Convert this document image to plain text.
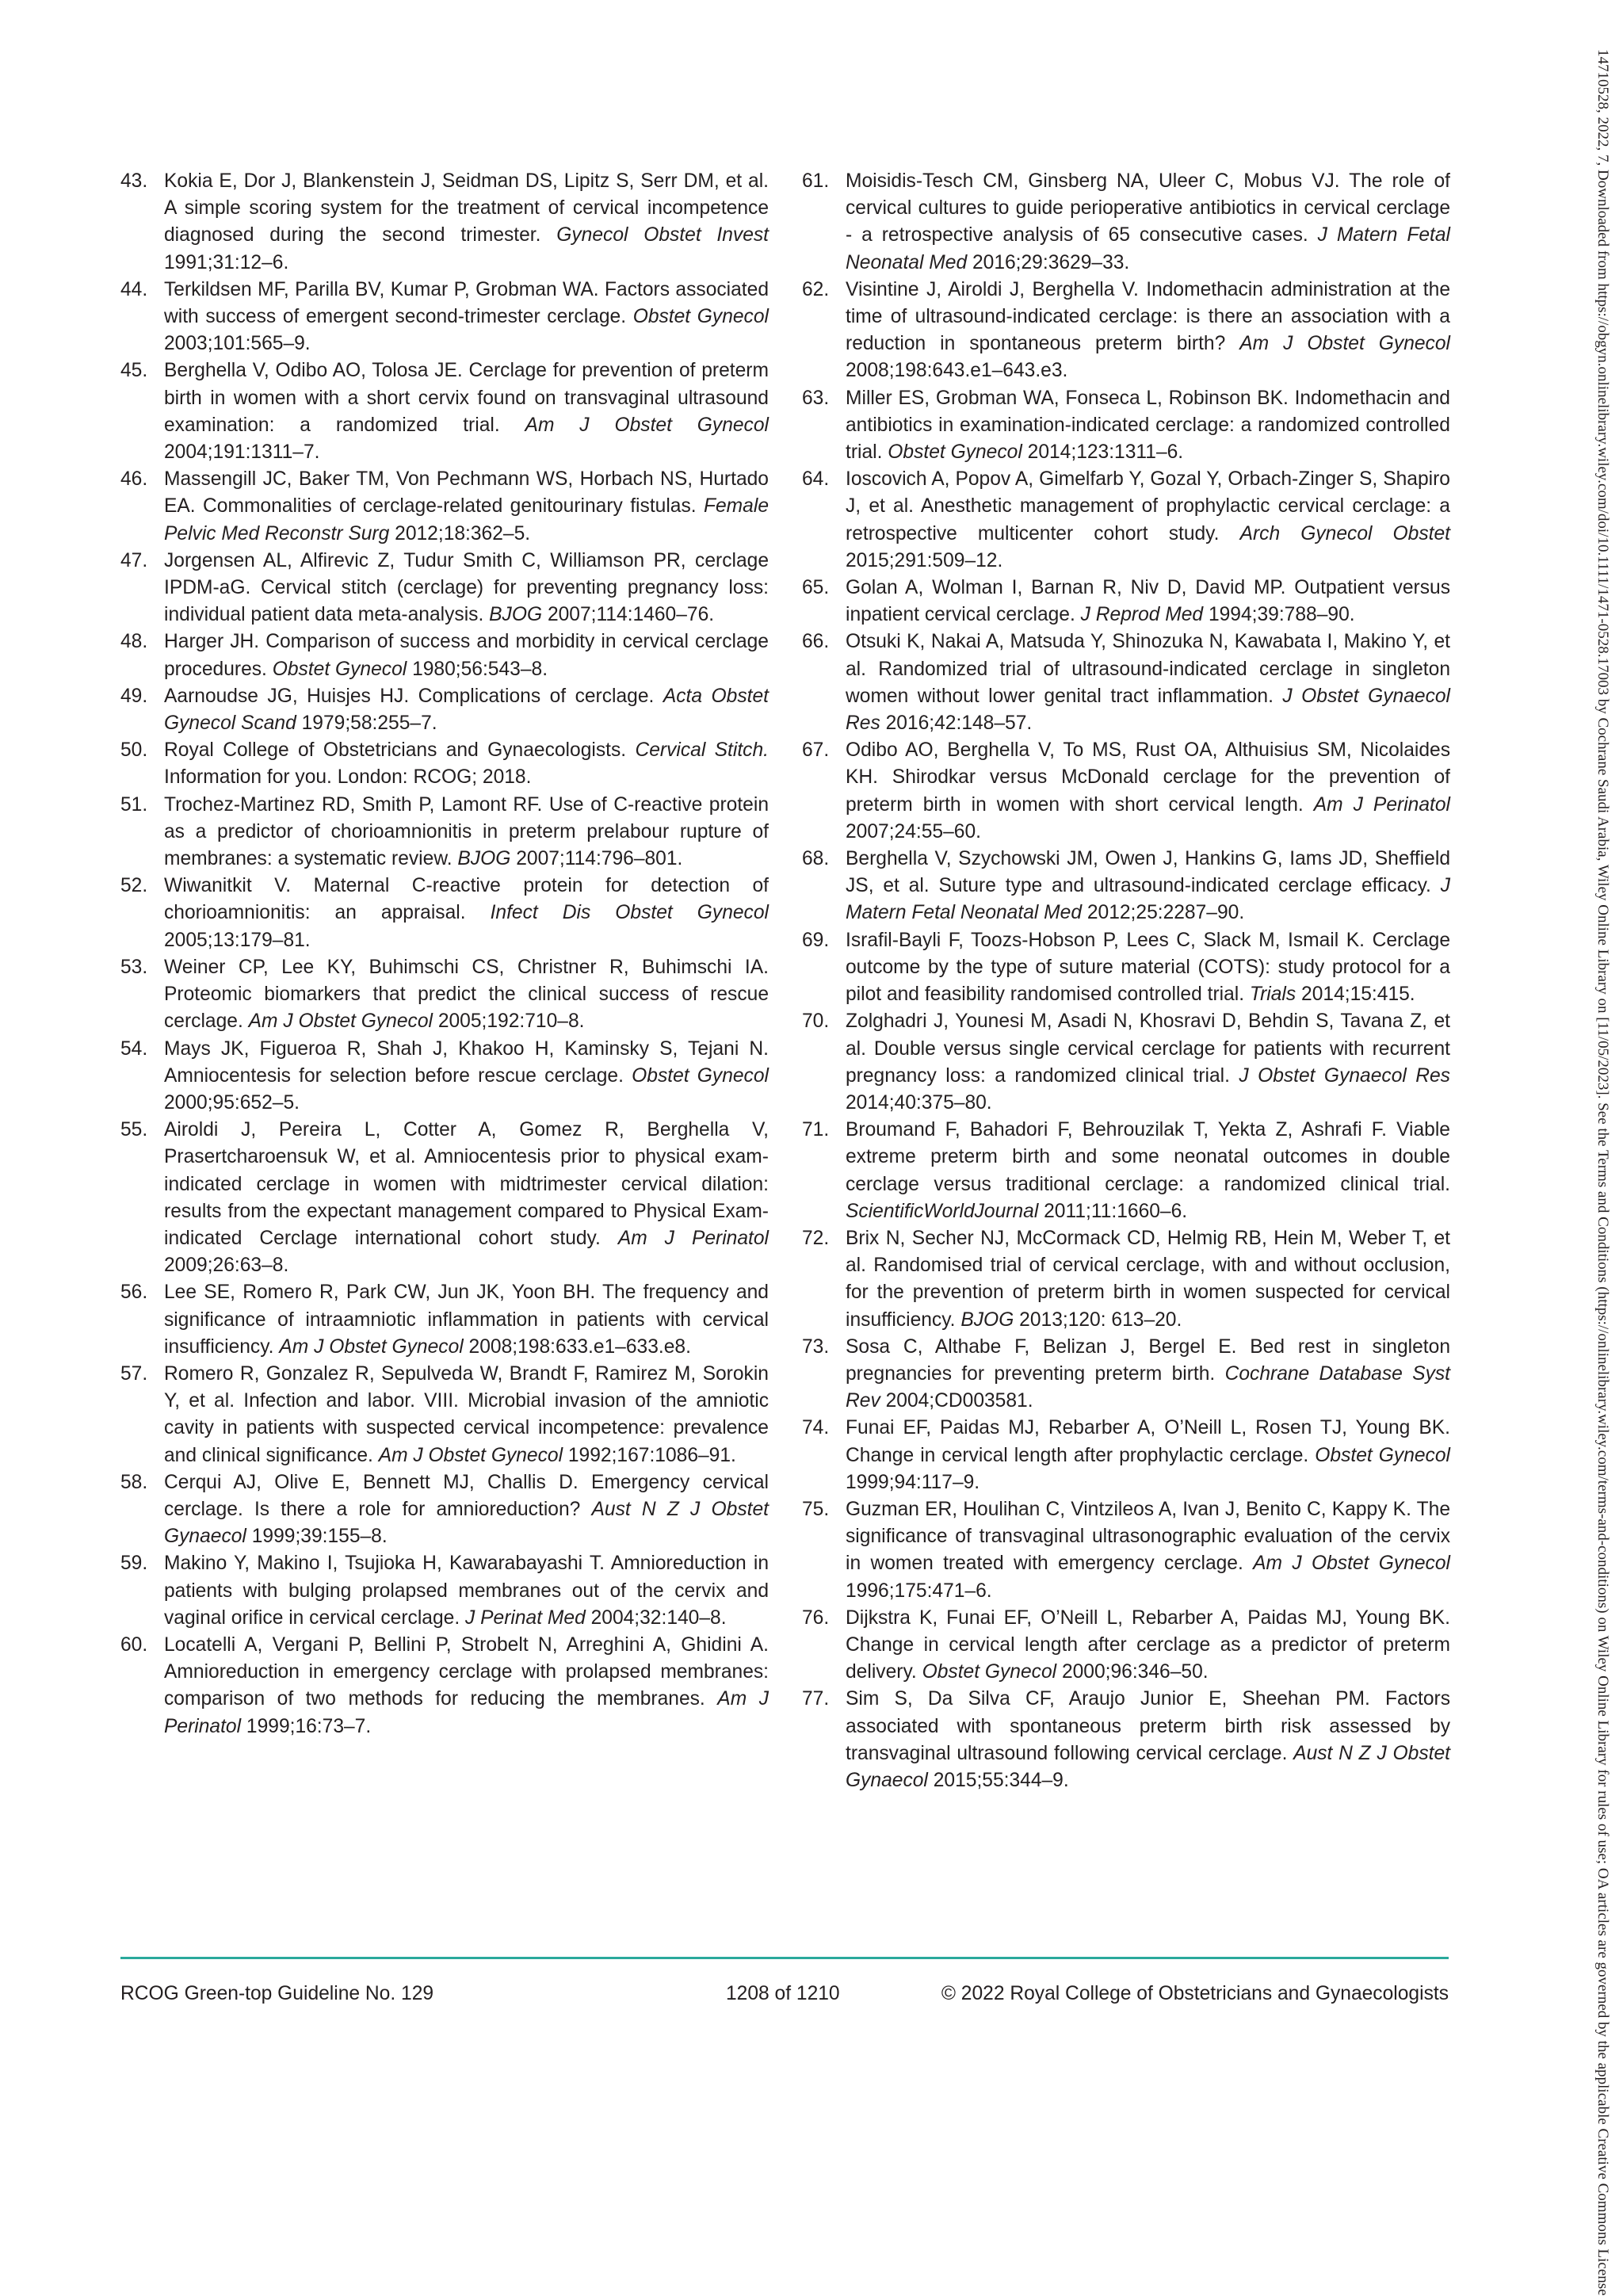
14710528, 2022, 7, Downloaded from https://obgyn.onlinelibrary.wiley.com/doi/10.1111/1471-0528.17003 by Cochrane Saudi Arabia, Wiley Online Library on [11/05/2023]. See the Terms and Conditions (https://onlinelibrary.wiley.com/terms-and-conditions) on Wiley Online Library for rules of use; OA articles are governed by the applicable Creative Commons License

43. Kokia E, Dor J, Blankenstein J, Seidman DS, Lipitz S, Serr DM, et al. A simple scoring system for the treatment of cervical incompetence diagnosed during the second trimester. Gynecol Obstet Invest 1991;31:12–6.

44. Terkildsen MF, Parilla BV, Kumar P, Grobman WA. Factors associated with success of emergent second-trimester cerclage. Obstet Gynecol 2003;101:565–9.

45. Berghella V, Odibo AO, Tolosa JE. Cerclage for prevention of preterm birth in women with a short cervix found on transvaginal ultrasound examination: a randomized trial. Am J Obstet Gynecol 2004;191:1311–7.

46. Massengill JC, Baker TM, Von Pechmann WS, Horbach NS, Hurtado EA. Commonalities of cerclage-related genitourinary fistulas. Female Pelvic Med Reconstr Surg 2012;18:362–5.

47. Jorgensen AL, Alfirevic Z, Tudur Smith C, Williamson PR, cerclage IPDM-aG. Cervical stitch (cerclage) for preventing pregnancy loss: individual patient data meta-analysis. BJOG 2007;114:1460–76.

48. Harger JH. Comparison of success and morbidity in cervical cerclage procedures. Obstet Gynecol 1980;56:543–8.

49. Aarnoudse JG, Huisjes HJ. Complications of cerclage. Acta Obstet Gynecol Scand 1979;58:255–7.

50. Royal College of Obstetricians and Gynaecologists. Cervical Stitch. Information for you. London: RCOG; 2018.

51. Trochez-Martinez RD, Smith P, Lamont RF. Use of C-reactive protein as a predictor of chorioamnionitis in preterm prelabour rupture of membranes: a systematic review. BJOG 2007;114:796–801.

52. Wiwanitkit V. Maternal C-reactive protein for detection of chorioamnionitis: an appraisal. Infect Dis Obstet Gynecol 2005;13:179–81.

53. Weiner CP, Lee KY, Buhimschi CS, Christner R, Buhimschi IA. Proteomic biomarkers that predict the clinical success of rescue cerclage. Am J Obstet Gynecol 2005;192:710–8.

54. Mays JK, Figueroa R, Shah J, Khakoo H, Kaminsky S, Tejani N. Amniocentesis for selection before rescue cerclage. Obstet Gynecol 2000;95:652–5.

55. Airoldi J, Pereira L, Cotter A, Gomez R, Berghella V, Prasertcharoensuk W, et al. Amniocentesis prior to physical exam-indicated cerclage in women with midtrimester cervical dilation: results from the expectant management compared to Physical Exam-indicated Cerclage international cohort study. Am J Perinatol 2009;26:63–8.

56. Lee SE, Romero R, Park CW, Jun JK, Yoon BH. The frequency and significance of intraamniotic inflammation in patients with cervical insufficiency. Am J Obstet Gynecol 2008;198:633.e1–633.e8.

57. Romero R, Gonzalez R, Sepulveda W, Brandt F, Ramirez M, Sorokin Y, et al. Infection and labor. VIII. Microbial invasion of the amniotic cavity in patients with suspected cervical incompetence: prevalence and clinical significance. Am J Obstet Gynecol 1992;167:1086–91.

58. Cerqui AJ, Olive E, Bennett MJ, Challis D. Emergency cervical cerclage. Is there a role for amnioreduction? Aust N Z J Obstet Gynaecol 1999;39:155–8.

59. Makino Y, Makino I, Tsujioka H, Kawarabayashi T. Amnioreduction in patients with bulging prolapsed membranes out of the cervix and vaginal orifice in cervical cerclage. J Perinat Med 2004;32:140–8.

60. Locatelli A, Vergani P, Bellini P, Strobelt N, Arreghini A, Ghidini A. Amnioreduction in emergency cerclage with prolapsed membranes: comparison of two methods for reducing the membranes. Am J Perinatol 1999;16:73–7.

61. Moisidis-Tesch CM, Ginsberg NA, Uleer C, Mobus VJ. The role of cervical cultures to guide perioperative antibiotics in cervical cerclage - a retrospective analysis of 65 consecutive cases. J Matern Fetal Neonatal Med 2016;29:3629–33.

62. Visintine J, Airoldi J, Berghella V. Indomethacin administration at the time of ultrasound-indicated cerclage: is there an association with a reduction in spontaneous preterm birth? Am J Obstet Gynecol 2008;198:643.e1–643.e3.

63. Miller ES, Grobman WA, Fonseca L, Robinson BK. Indomethacin and antibiotics in examination-indicated cerclage: a randomized controlled trial. Obstet Gynecol 2014;123:1311–6.

64. Ioscovich A, Popov A, Gimelfarb Y, Gozal Y, Orbach-Zinger S, Shapiro J, et al. Anesthetic management of prophylactic cervical cerclage: a retrospective multicenter cohort study. Arch Gynecol Obstet 2015;291:509–12.

65. Golan A, Wolman I, Barnan R, Niv D, David MP. Outpatient versus inpatient cervical cerclage. J Reprod Med 1994;39:788–90.

66. Otsuki K, Nakai A, Matsuda Y, Shinozuka N, Kawabata I, Makino Y, et al. Randomized trial of ultrasound-indicated cerclage in singleton women without lower genital tract inflammation. J Obstet Gynaecol Res 2016;42:148–57.

67. Odibo AO, Berghella V, To MS, Rust OA, Althuisius SM, Nicolaides KH. Shirodkar versus McDonald cerclage for the prevention of preterm birth in women with short cervical length. Am J Perinatol 2007;24:55–60.

68. Berghella V, Szychowski JM, Owen J, Hankins G, Iams JD, Sheffield JS, et al. Suture type and ultrasound-indicated cerclage efficacy. J Matern Fetal Neonatal Med 2012;25:2287–90.

69. Israfil-Bayli F, Toozs-Hobson P, Lees C, Slack M, Ismail K. Cerclage outcome by the type of suture material (COTS): study protocol for a pilot and feasibility randomised controlled trial. Trials 2014;15:415.

70. Zolghadri J, Younesi M, Asadi N, Khosravi D, Behdin S, Tavana Z, et al. Double versus single cervical cerclage for patients with recurrent pregnancy loss: a randomized clinical trial. J Obstet Gynaecol Res 2014;40:375–80.

71. Broumand F, Bahadori F, Behrouzilak T, Yekta Z, Ashrafi F. Viable extreme preterm birth and some neonatal outcomes in double cerclage versus traditional cerclage: a randomized clinical trial. ScientificWorldJournal 2011;11:1660–6.

72. Brix N, Secher NJ, McCormack CD, Helmig RB, Hein M, Weber T, et al. Randomised trial of cervical cerclage, with and without occlusion, for the prevention of preterm birth in women suspected for cervical insufficiency. BJOG 2013;120: 613–20.

73. Sosa C, Althabe F, Belizan J, Bergel E. Bed rest in singleton pregnancies for preventing preterm birth. Cochrane Database Syst Rev 2004;CD003581.

74. Funai EF, Paidas MJ, Rebarber A, O’Neill L, Rosen TJ, Young BK. Change in cervical length after prophylactic cerclage. Obstet Gynecol 1999;94:117–9.

75. Guzman ER, Houlihan C, Vintzileos A, Ivan J, Benito C, Kappy K. The significance of transvaginal ultrasonographic evaluation of the cervix in women treated with emergency cerclage. Am J Obstet Gynecol 1996;175:471–6.

76. Dijkstra K, Funai EF, O’Neill L, Rebarber A, Paidas MJ, Young BK. Change in cervical length after cerclage as a predictor of preterm delivery. Obstet Gynecol 2000;96:346–50.

77. Sim S, Da Silva CF, Araujo Junior E, Sheehan PM. Factors associated with spontaneous preterm birth risk assessed by transvaginal ultrasound following cervical cerclage. Aust N Z J Obstet Gynaecol 2015;55:344–9.

RCOG Green-top Guideline No. 129	1208 of 1210	© 2022 Royal College of Obstetricians and Gynaecologists
